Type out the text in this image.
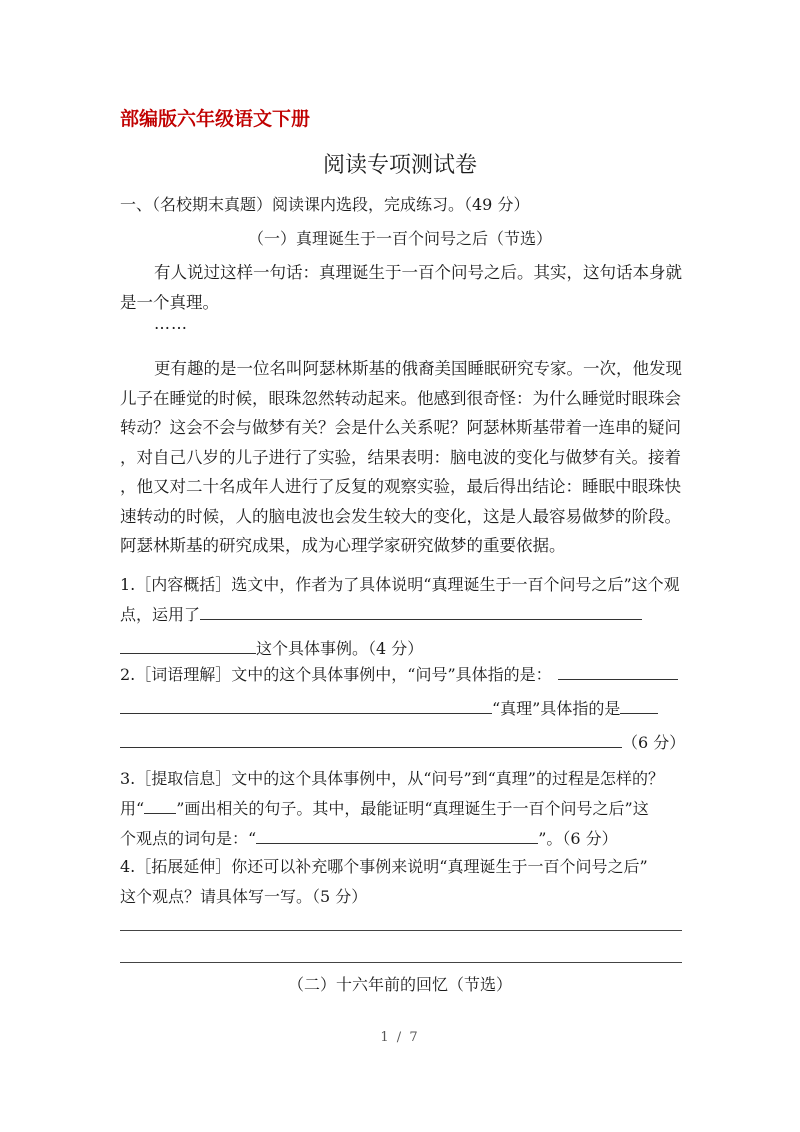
部编版六年级语文下册
阅读专项测试卷
一、（名校期末真题）阅读课内选段，完成练习。（49 分）
（一）真理诞生于一百个问号之后（节选）
有人说过这样一句话：真理诞生于一百个问号之后。其实，这句话本身就
是一个真理。
……
更有趣的是一位名叫阿瑟林斯基的俄裔美国睡眠研究专家。一次，他发现
儿子在睡觉的时候，眼珠忽然转动起来。他感到很奇怪：为什么睡觉时眼珠会
转动？这会不会与做梦有关？会是什么关系呢？阿瑟林斯基带着一连串的疑问
，对自己八岁的儿子进行了实验，结果表明：脑电波的变化与做梦有关。接着
，他又对二十名成年人进行了反复的观察实验，最后得出结论：睡眠中眼珠快
速转动的时候，人的脑电波也会发生较大的变化，这是人最容易做梦的阶段。
阿瑟林斯基的研究成果，成为心理学家研究做梦的重要依据。
1.［内容概括］选文中，作者为了具体说明“真理诞生于一百个问号之后”这个观
点，运用了
这个具体事例。（4 分）
2.［词语理解］文中的这个具体事例中，“问号”具体指的是：
“真理”具体指的是
（6 分）
3.［提取信息］文中的这个具体事例中，从“问号”到“真理”的过程是怎样的？
用“ ”画出相关的句子。其中，最能证明“真理诞生于一百个问号之后”这
个观点的词句是：“	”。（6 分）
4.［拓展延伸］你还可以补充哪个事例来说明“真理诞生于一百个问号之后”
这个观点？请具体写一写。（5 分）
（二）十六年前的回忆（节选）
1 / 7
